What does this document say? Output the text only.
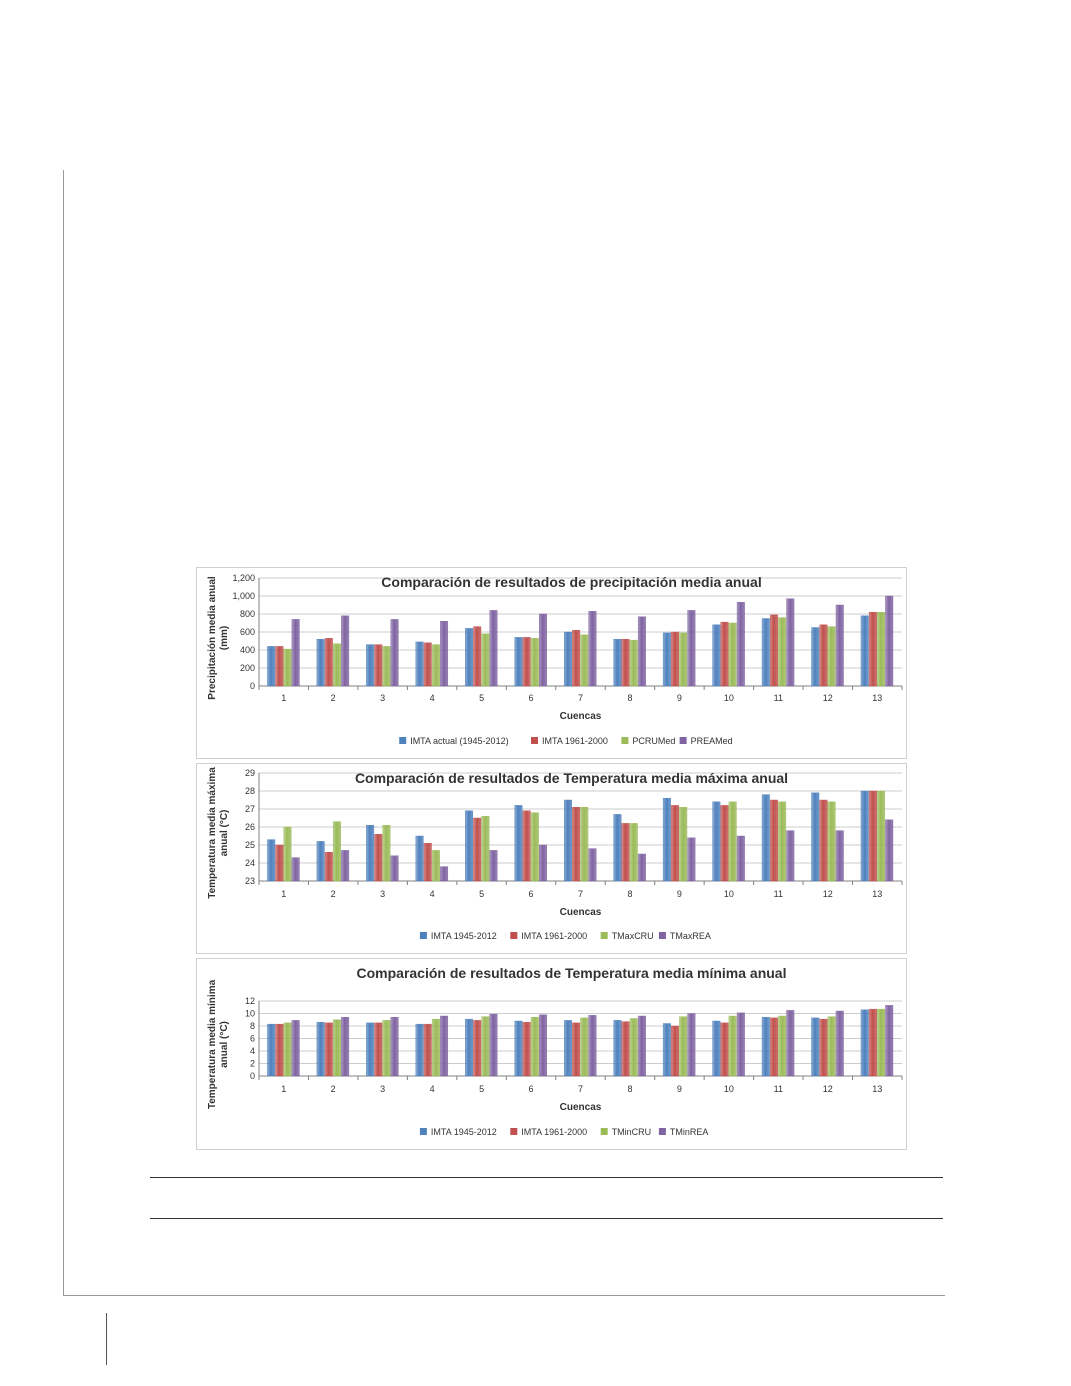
0
200
400
600
800
1,000
1,200
1	2	3	4	5	6	7	8	9	10	11	12	13
Comparación de resultados de precipitación media anual
Cuencas
Precipitación media anual (mm)
IMTA actual (1945-2012)	IMTA 1961-2000	PCRUMed PREAMed
23
24
25
26
27
28
29
1	2	3	4	5	6	7	8	9	10	11	12	13
Comparación de resultados de Temperatura media máxima anual
Cuencas
Temperatura media máxima anual (°C)
IMTA 1945-2012	IMTA 1961-2000	TMaxCRU TMaxREA
0
2
4
6
8
10
12
1	2	3	4	5	6	7	8	9	10	11	12	13
Comparación de resultados de Temperatura media mínima anual
Cuencas
Temperatura media mínima anual (°C)
IMTA 1945-2012	IMTA 1961-2000	TMinCRU TMinREA
